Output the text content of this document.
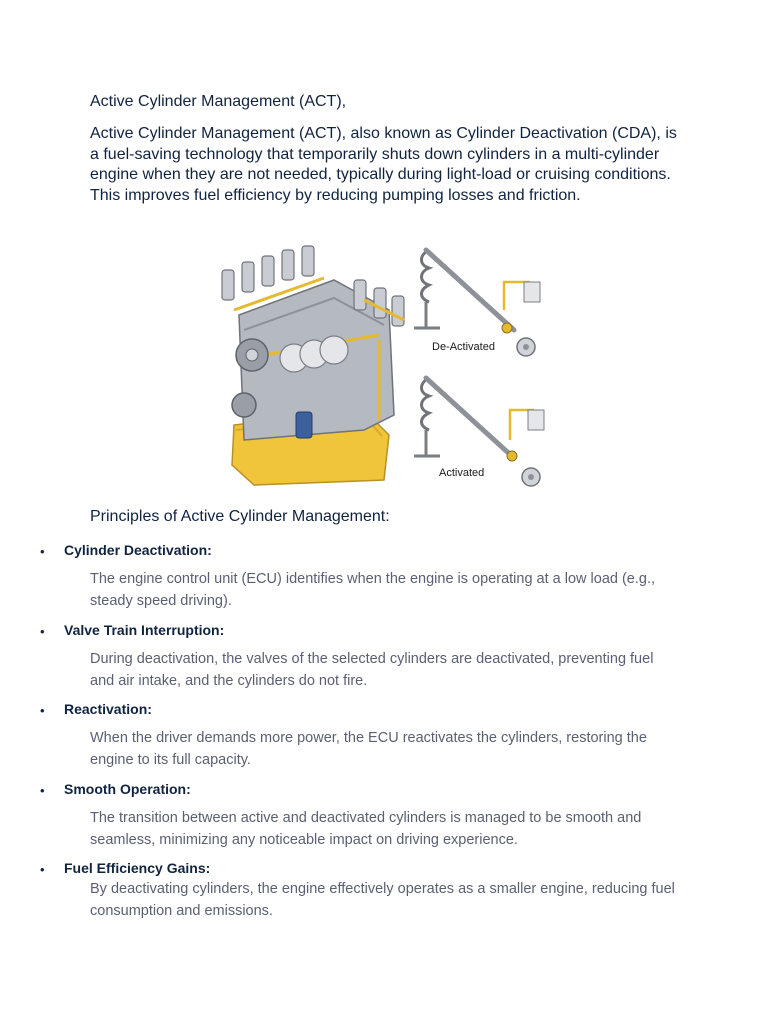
Active Cylinder Management (ACT),

Active Cylinder Management (ACT), also known as Cylinder Deactivation (CDA), is a fuel-saving technology that temporarily shuts down cylinders in a multi-cylinder engine when they are not needed, typically during light-load or cruising conditions. This improves fuel efficiency by reducing pumping losses and friction.

De-Activated
Activated
Principles of Active Cylinder Management:
• Cylinder Deactivation:

The engine control unit (ECU) identifies when the engine is operating at a low load (e.g., steady speed driving).

• Valve Train Interruption:

During deactivation, the valves of the selected cylinders are deactivated, preventing fuel and air intake, and the cylinders do not fire.

• Reactivation:

When the driver demands more power, the ECU reactivates the cylinders, restoring the engine to its full capacity.

• Smooth Operation:

The transition between active and deactivated cylinders is managed to be smooth and seamless, minimizing any noticeable impact on driving experience.

• Fuel Efficiency Gains:

By deactivating cylinders, the engine effectively operates as a smaller engine, reducing fuel consumption and emissions.
